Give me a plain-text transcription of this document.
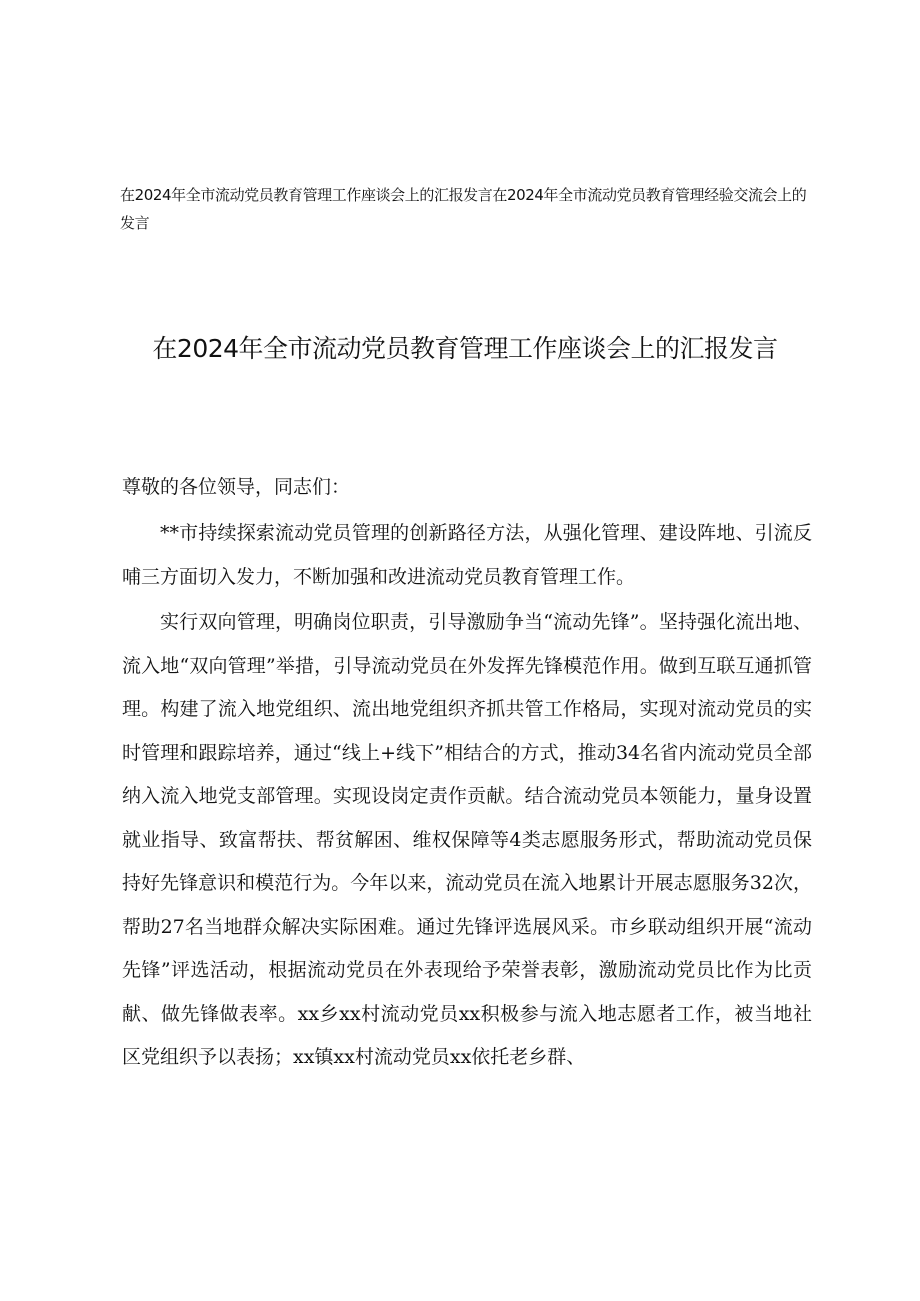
在2024年全市流动党员教育管理工作座谈会上的汇报发言在2024年全市流动党员教育管理经验交流会上的发言
在2024年全市流动党员教育管理工作座谈会上的汇报发言
尊敬的各位领导，同志们：
**市持续探索流动党员管理的创新路径方法，从强化管理、建设阵地、引流反哺三方面切入发力，不断加强和改进流动党员教育管理工作。
实行双向管理，明确岗位职责，引导激励争当“流动先锋”。坚持强化流出地、流入地“双向管理”举措，引导流动党员在外发挥先锋模范作用。做到互联互通抓管理。构建了流入地党组织、流出地党组织齐抓共管工作格局，实现对流动党员的实时管理和跟踪培养，通过“线上+线下”相结合的方式，推动34名省内流动党员全部纳入流入地党支部管理。实现设岗定责作贡献。结合流动党员本领能力，量身设置就业指导、致富帮扶、帮贫解困、维权保障等4类志愿服务形式，帮助流动党员保持好先锋意识和模范行为。今年以来，流动党员在流入地累计开展志愿服务32次，帮助27名当地群众解决实际困难。通过先锋评选展风采。市乡联动组织开展“流动先锋”评选活动，根据流动党员在外表现给予荣誉表彰，激励流动党员比作为比贡献、做先锋做表率。xx乡xx村流动党员xx积极参与流入地志愿者工作，被当地社区党组织予以表扬；xx镇xx村流动党员xx依托老乡群、
